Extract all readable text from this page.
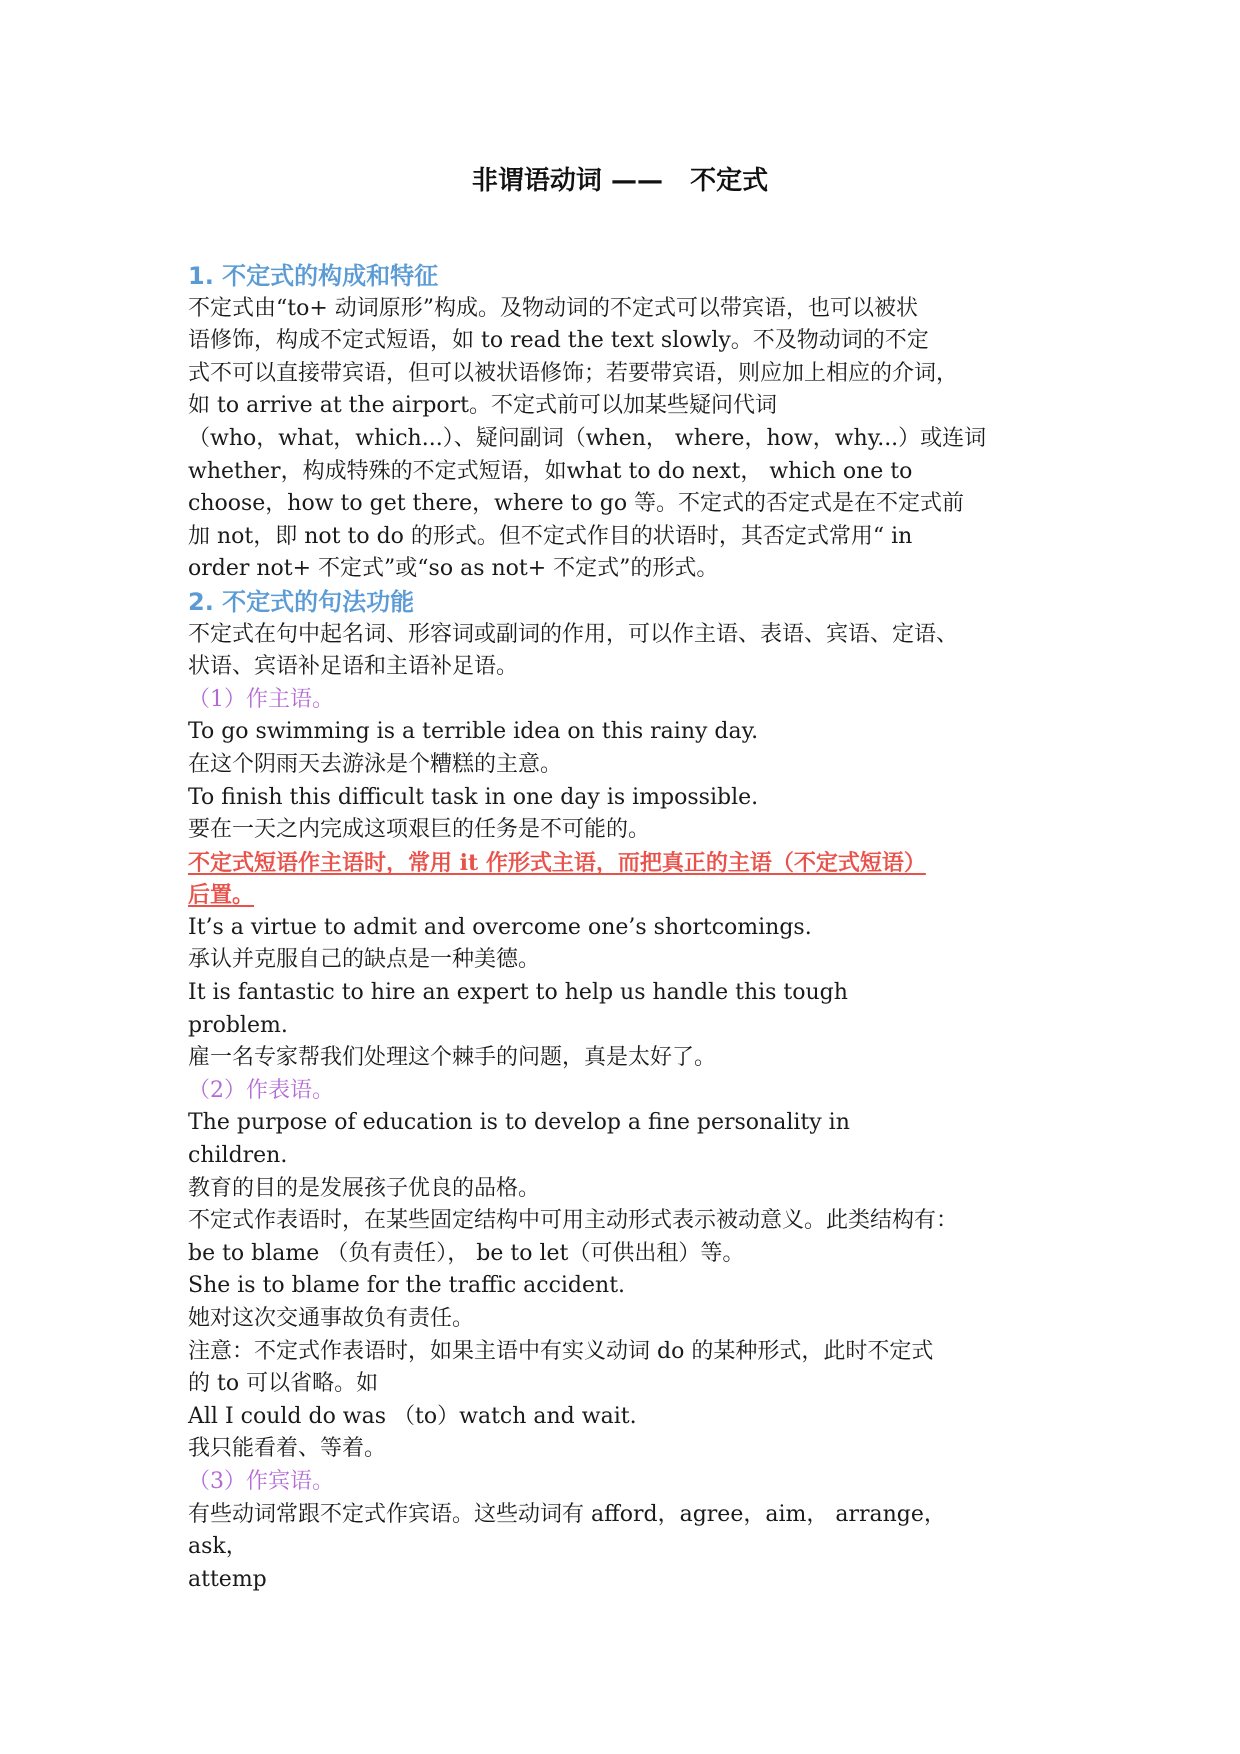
非谓语动词 ——   不定式
1. 不定式的构成和特征
不定式由“to+ 动词原形”构成。及物动词的不定式可以带宾语，也可以被状
语修饰，构成不定式短语，如 to read the text slowly。不及物动词的不定
式不可以直接带宾语，但可以被状语修饰；若要带宾语，则应加上相应的介词，
如 to arrive at the airport。不定式前可以加某些疑问代词
（who，what，which...）、疑问副词（when， where，how，why...）或连词
whether，构成特殊的不定式短语，如what to do next， which one to
choose，how to get there，where to go 等。不定式的否定式是在不定式前
加 not，即 not to do 的形式。但不定式作目的状语时，其否定式常用“ in
order not+ 不定式”或“so as not+ 不定式”的形式。
2. 不定式的句法功能
不定式在句中起名词、形容词或副词的作用，可以作主语、表语、宾语、定语、
状语、宾语补足语和主语补足语。
（1）作主语。
To go swimming is a terrible idea on this rainy day.
在这个阴雨天去游泳是个糟糕的主意。
To finish this difficult task in one day is impossible.
要在一天之内完成这项艰巨的任务是不可能的。
不定式短语作主语时，常用 it 作形式主语，而把真正的主语（不定式短语）
后置。
It’s a virtue to admit and overcome one’s shortcomings.
承认并克服自己的缺点是一种美德。
It is fantastic to hire an expert to help us handle this tough
problem.
雇一名专家帮我们处理这个棘手的问题，真是太好了。
（2）作表语。
The purpose of education is to develop a fine personality in
children.
教育的目的是发展孩子优良的品格。
不定式作表语时，在某些固定结构中可用主动形式表示被动意义。此类结构有：
be to blame （负有责任）， be to let（可供出租）等。
She is to blame for the traffic accident.
她对这次交通事故负有责任。
注意：不定式作表语时，如果主语中有实义动词 do 的某种形式，此时不定式
的 to 可以省略。如
All I could do was （to）watch and wait.
我只能看着、等着。
（3）作宾语。
有些动词常跟不定式作宾语。这些动词有 afford，agree，aim， arrange，
ask，
attemp
